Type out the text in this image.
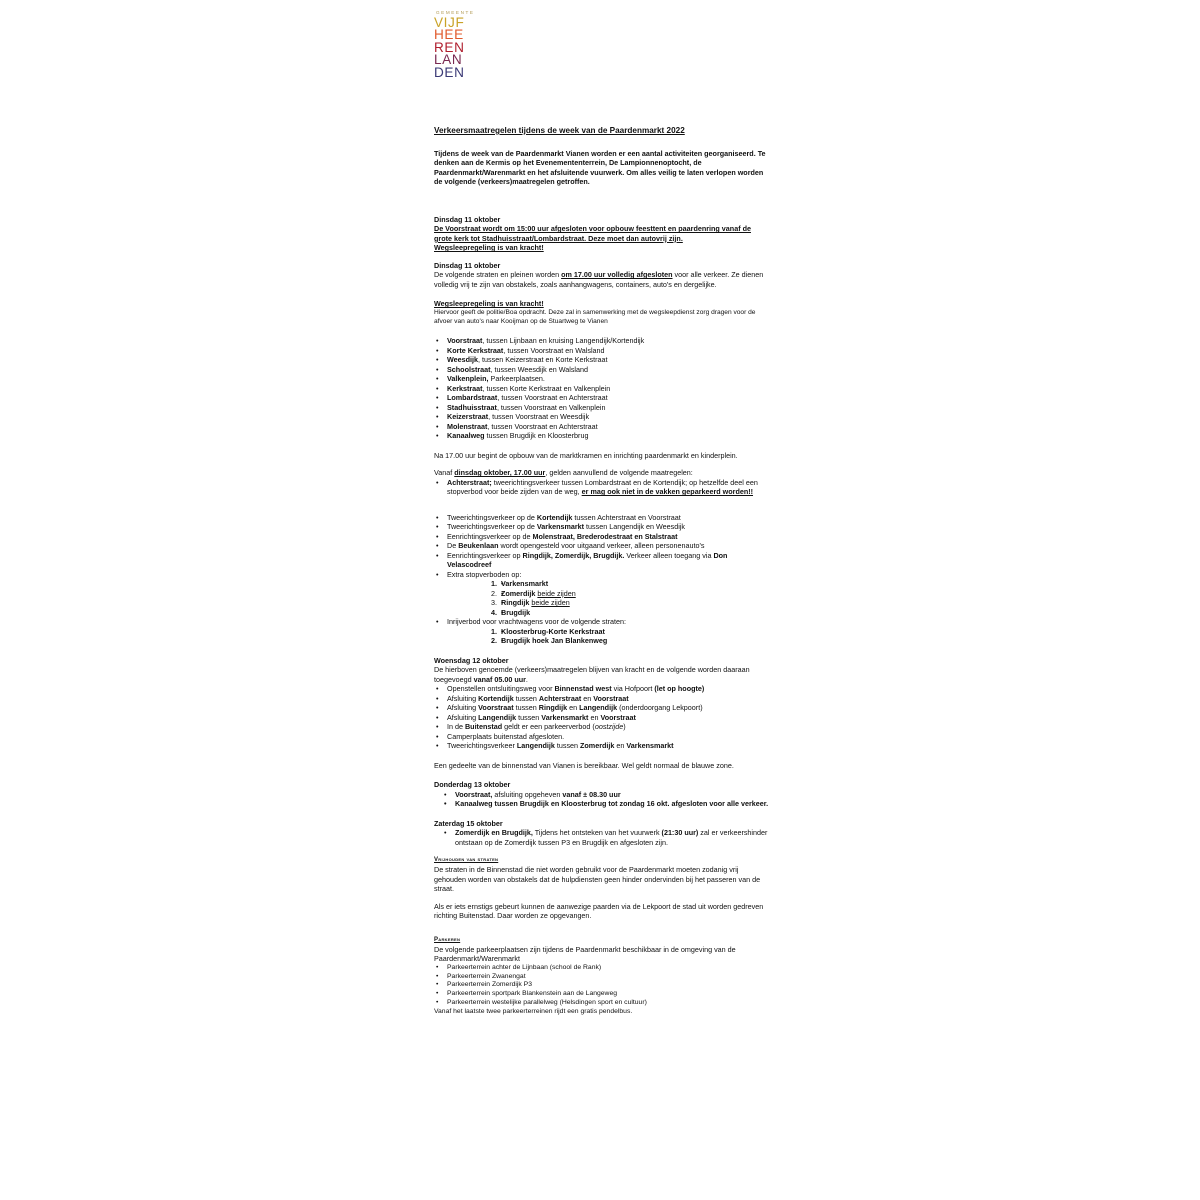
GEMEENTE
VIJF
HEE
REN
LAN
DEN

Verkeersmaatregelen tijdens de week van de Paardenmarkt 2022

Tijdens de week van de Paardenmarkt Vianen worden er een aantal activiteiten georganiseerd. Te denken aan de Kermis op het Evenemententerrein, De Lampionnenoptocht, de Paardenmarkt/Warenmarkt en het afsluitende vuurwerk. Om alles veilig te laten verlopen worden de volgende (verkeers)maatregelen getroffen.

Dinsdag 11 oktober

De Voorstraat wordt om 15:00 uur afgesloten voor opbouw feesttent en paardenring vanaf de grote kerk tot Stadhuisstraat/Lombardstraat. Deze moet dan autovrij zijn.

Wegsleepregeling is van kracht!

Dinsdag 11 oktober

De volgende straten en pleinen worden om 17.00 uur volledig afgesloten voor alle verkeer. Ze dienen volledig vrij te zijn van obstakels, zoals aanhangwagens, containers, auto's en dergelijke.

Wegsleepregeling is van kracht!

Hiervoor geeft de politie/Boa opdracht. Deze zal in samenwerking met de wegsleepdienst zorg dragen voor de afvoer van auto's naar Kooijman op de Stuartweg te Vianen

• Voorstraat, tussen Lijnbaan en kruising Langendijk/Kortendijk
• Korte Kerkstraat, tussen Voorstraat en Walsland
• Weesdijk, tussen Keizerstraat en Korte Kerkstraat
• Schoolstraat, tussen Weesdijk en Walsland
• Valkenplein, Parkeerplaatsen.
• Kerkstraat, tussen Korte Kerkstraat en Valkenplein
• Lombardstraat, tussen Voorstraat en Achterstraat
• Stadhuisstraat, tussen Voorstraat en Valkenplein
• Keizerstraat, tussen Voorstraat en Weesdijk
• Molenstraat, tussen Voorstraat en Achterstraat
• Kanaalweg tussen Brugdijk en Kloosterbrug

Na 17.00 uur begint de opbouw van de marktkramen en inrichting paardenmarkt en kinderplein.

Vanaf dinsdag oktober, 17.00 uur, gelden aanvullend de volgende maatregelen:

• Achterstraat; tweerichtingsverkeer tussen Lombardstraat en de Kortendijk; op hetzelfde deel een stopverbod voor beide zijden van de weg, er mag ook niet in de vakken geparkeerd worden!!
• Tweerichtingsverkeer op de Kortendijk tussen Achterstraat en Voorstraat
• Tweerichtingsverkeer op de Varkensmarkt tussen Langendijk en Weesdijk
• Eenrichtingsverkeer op de Molenstraat, Brederodestraat en Stalstraat
• De Beukenlaan wordt opengesteld voor uitgaand verkeer, alleen personenauto's
• Eenrichtingsverkeer op Ringdijk, Zomerdijk, Brugdijk. Verkeer alleen toegang via Don Velascodreef
• Extra stopverboden op:
• 1. Varkensmarkt
• 2. Zomerdijk beide zijden
• 3. Ringdijk beide zijden
• 4. Brugdijk
• Inrijverbod voor vrachtwagens voor de volgende straten:
• 1. Kloosterbrug-Korte Kerkstraat
• 2. Brugdijk hoek Jan Blankenweg

Woensdag 12 oktober

De hierboven genoemde (verkeers)maatregelen blijven van kracht en de volgende worden daaraan toegevoegd vanaf 05.00 uur.

• Openstellen ontsluitingsweg voor Binnenstad west via Hofpoort (let op hoogte)
• Afsluiting Kortendijk tussen Achterstraat en Voorstraat
• Afsluiting Voorstraat tussen Ringdijk en Langendijk (onderdoorgang Lekpoort)
• Afsluiting Langendijk tussen Varkensmarkt en Voorstraat
• In de Buitenstad geldt er een parkeerverbod (oostzijde)
• Camperplaats buitenstad afgesloten.
• Tweerichtingsverkeer Langendijk tussen Zomerdijk en Varkensmarkt

Een gedeelte van de binnenstad van Vianen is bereikbaar. Wel geldt normaal de blauwe zone.

Donderdag 13 oktober

• Voorstraat, afsluiting opgeheven vanaf ± 08.30 uur
• Kanaalweg tussen Brugdijk en Kloosterbrug tot zondag 16 okt. afgesloten voor alle verkeer.

Zaterdag 15 oktober

• Zomerdijk en Brugdijk, Tijdens het ontsteken van het vuurwerk (21:30 uur) zal er verkeershinder ontstaan op de Zomerdijk tussen P3 en Brugdijk en afgesloten zijn.

Vrijhouden van straten

De straten in de Binnenstad die niet worden gebruikt voor de Paardenmarkt moeten zodanig vrij gehouden worden van obstakels dat de hulpdiensten geen hinder ondervinden bij het passeren van de straat.

Als er iets ernstigs gebeurt kunnen de aanwezige paarden via de Lekpoort de stad uit worden gedreven richting Buitenstad. Daar worden ze opgevangen.

Parkeren

De volgende parkeerplaatsen zijn tijdens de Paardenmarkt beschikbaar in de omgeving van de Paardenmarkt/Warenmarkt

• Parkeerterrein achter de Lijnbaan (school de Rank)
• Parkeerterrein Zwanengat
• Parkeerterrein Zomerdijk P3
• Parkeerterrein sportpark Blankenstein aan de Langeweg
• Parkeerterrein westelijke parallelweg (Helsdingen sport en cultuur)

Vanaf het laatste twee parkeerterreinen rijdt een gratis pendelbus.
